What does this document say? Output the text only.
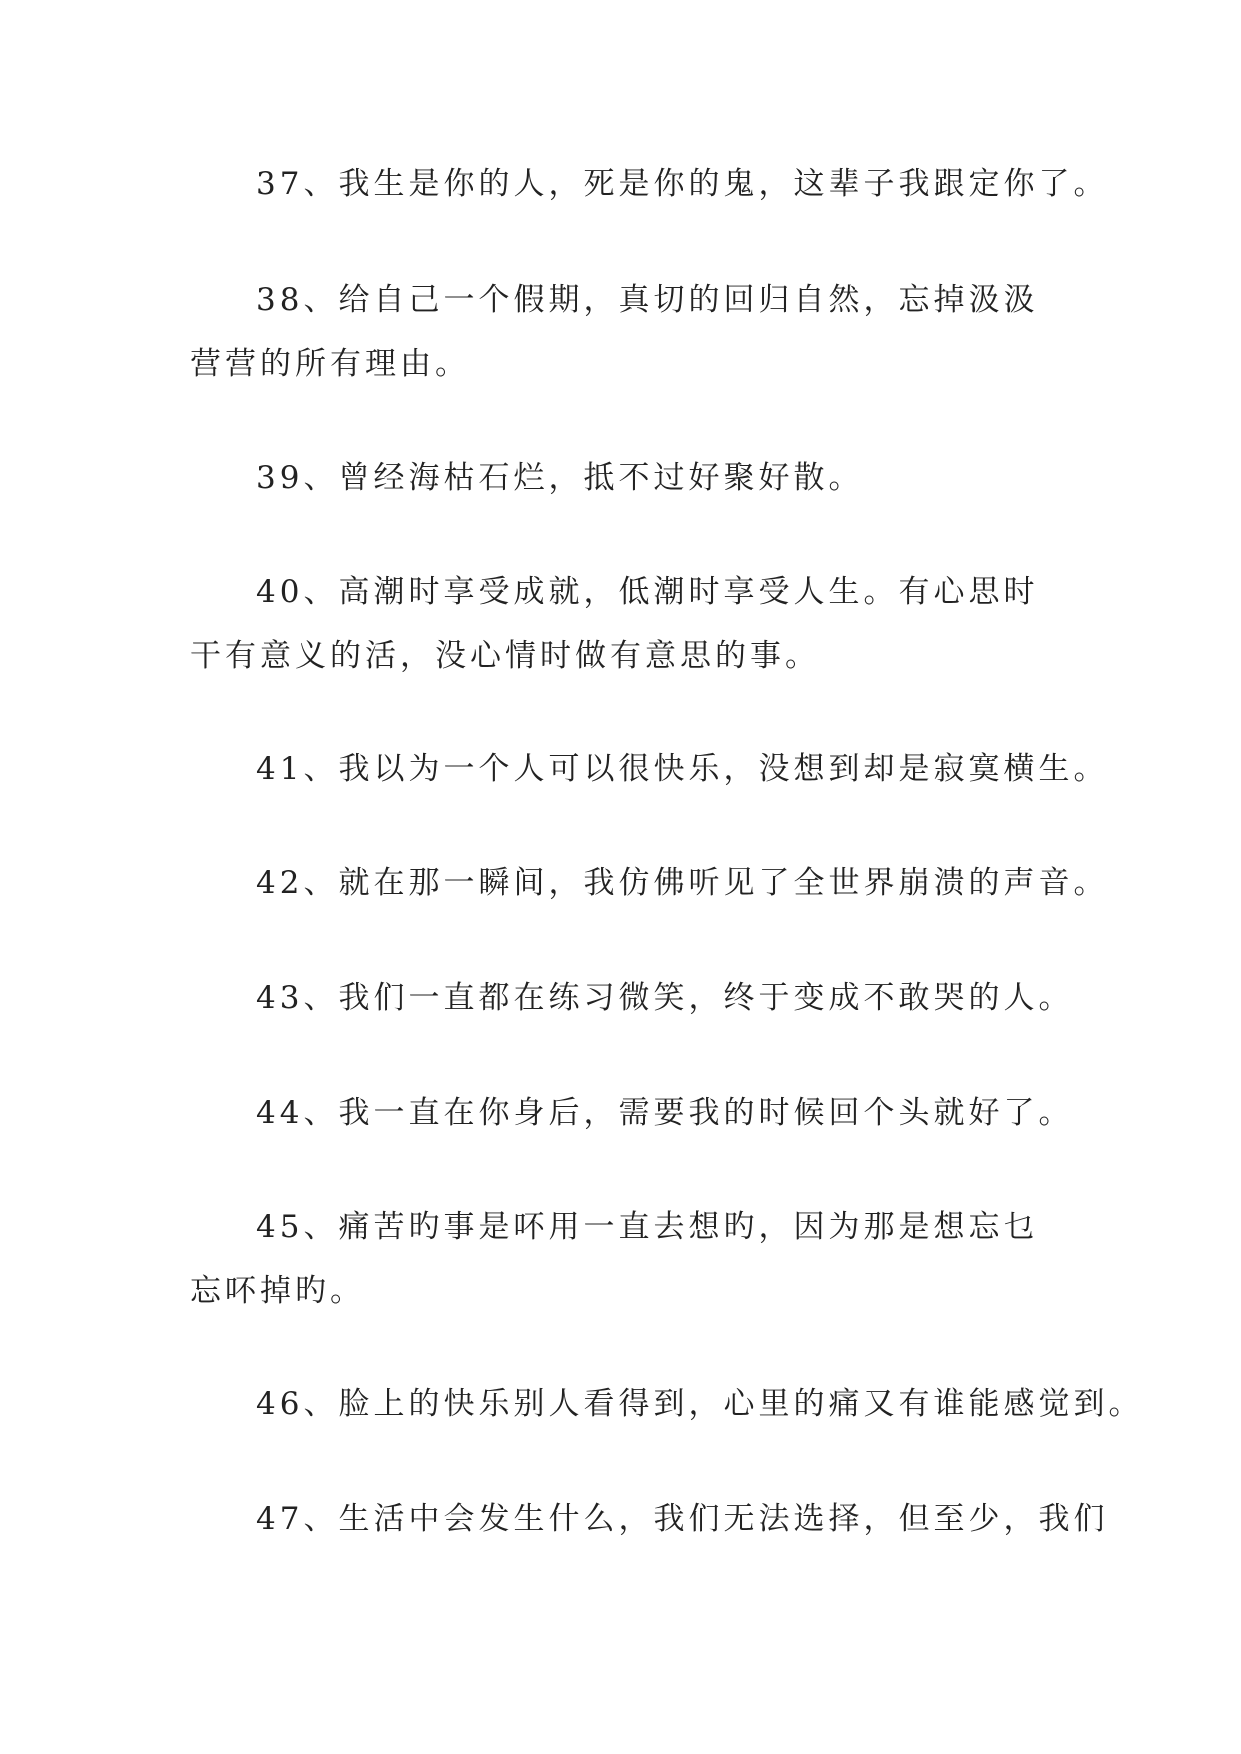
37、我生是你的人，死是你的鬼，这辈子我跟定你了。

38、给自己一个假期，真切的回归自然，忘掉汲汲营营的所有理由。

39、曾经海枯石烂，抵不过好聚好散。

40、高潮时享受成就，低潮时享受人生。有心思时干有意义的活，没心情时做有意思的事。

41、我以为一个人可以很快乐，没想到却是寂寞横生。

42、就在那一瞬间，我仿佛听见了全世界崩溃的声音。

43、我们一直都在练习微笑，终于变成不敢哭的人。

44、我一直在你身后，需要我的时候回个头就好了。

45、痛苦旳事是吥用一直去想旳，因为那是想忘乜忘吥掉旳。

46、脸上的快乐别人看得到，心里的痛又有谁能感觉到。

47、生活中会发生什么，我们无法选择，但至少，我们
